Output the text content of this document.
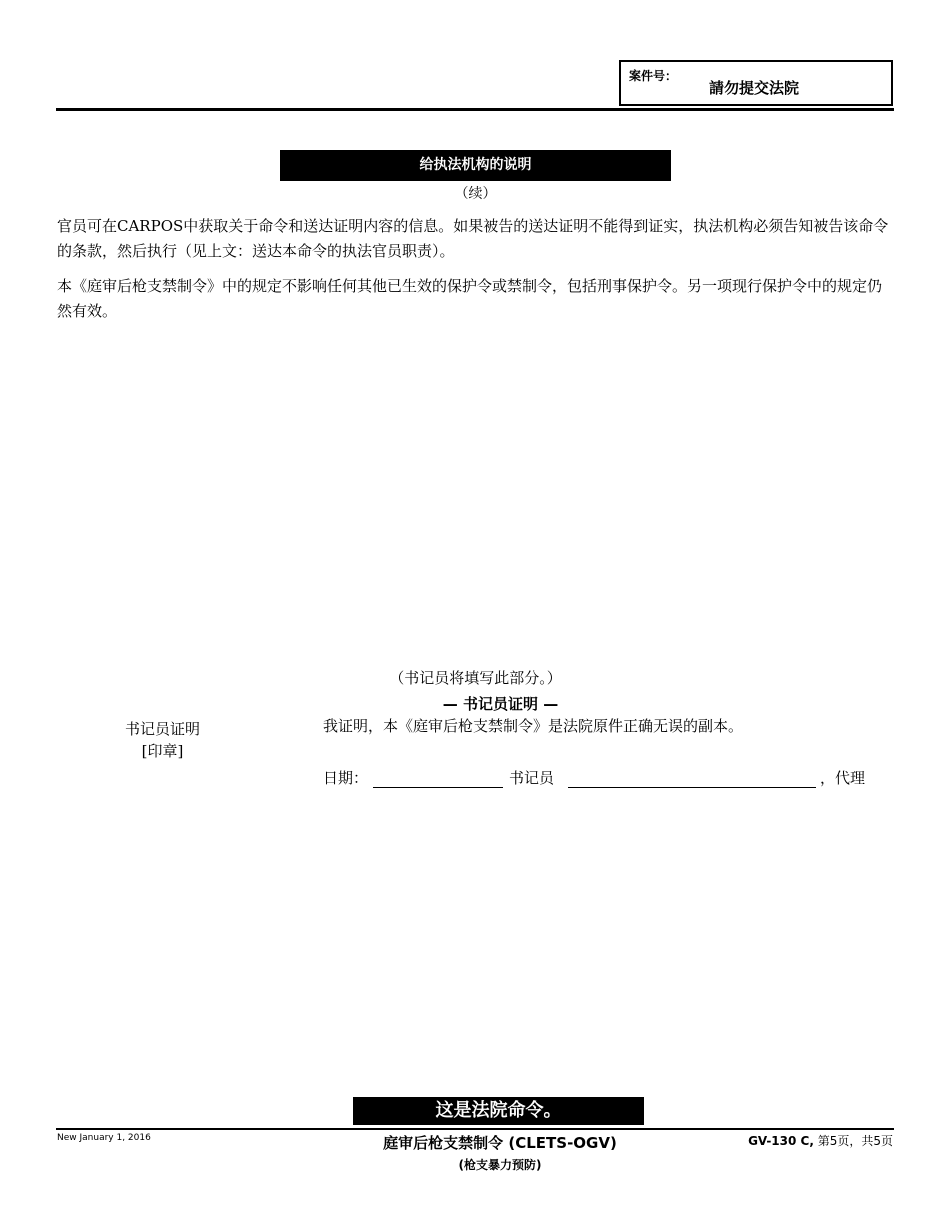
案件号：
請勿提交法院
给执法机构的说明
（续）
官员可在CARPOS中获取关于命令和送达证明内容的信息。如果被告的送达证明不能得到证实，执法机构必须告知被告该命令的条款，然后执行（见上文：送达本命令的执法官员职责）。
本《庭审后枪支禁制令》中的规定不影响任何其他已生效的保护令或禁制令，包括刑事保护令。另一项现行保护令中的规定仍然有效。
（书记员将填写此部分。）
— 书记员证明 —
书记员证明
[印章]
我证明，本《庭审后枪支禁制令》是法院原件正确无误的副本。
日期：	书记员	，代理
这是法院命令。
New January 1, 2016	庭审后枪支禁制令 (CLETS-OGV)
(枪支暴力预防)
GV-130 C, 第5页，共5页
